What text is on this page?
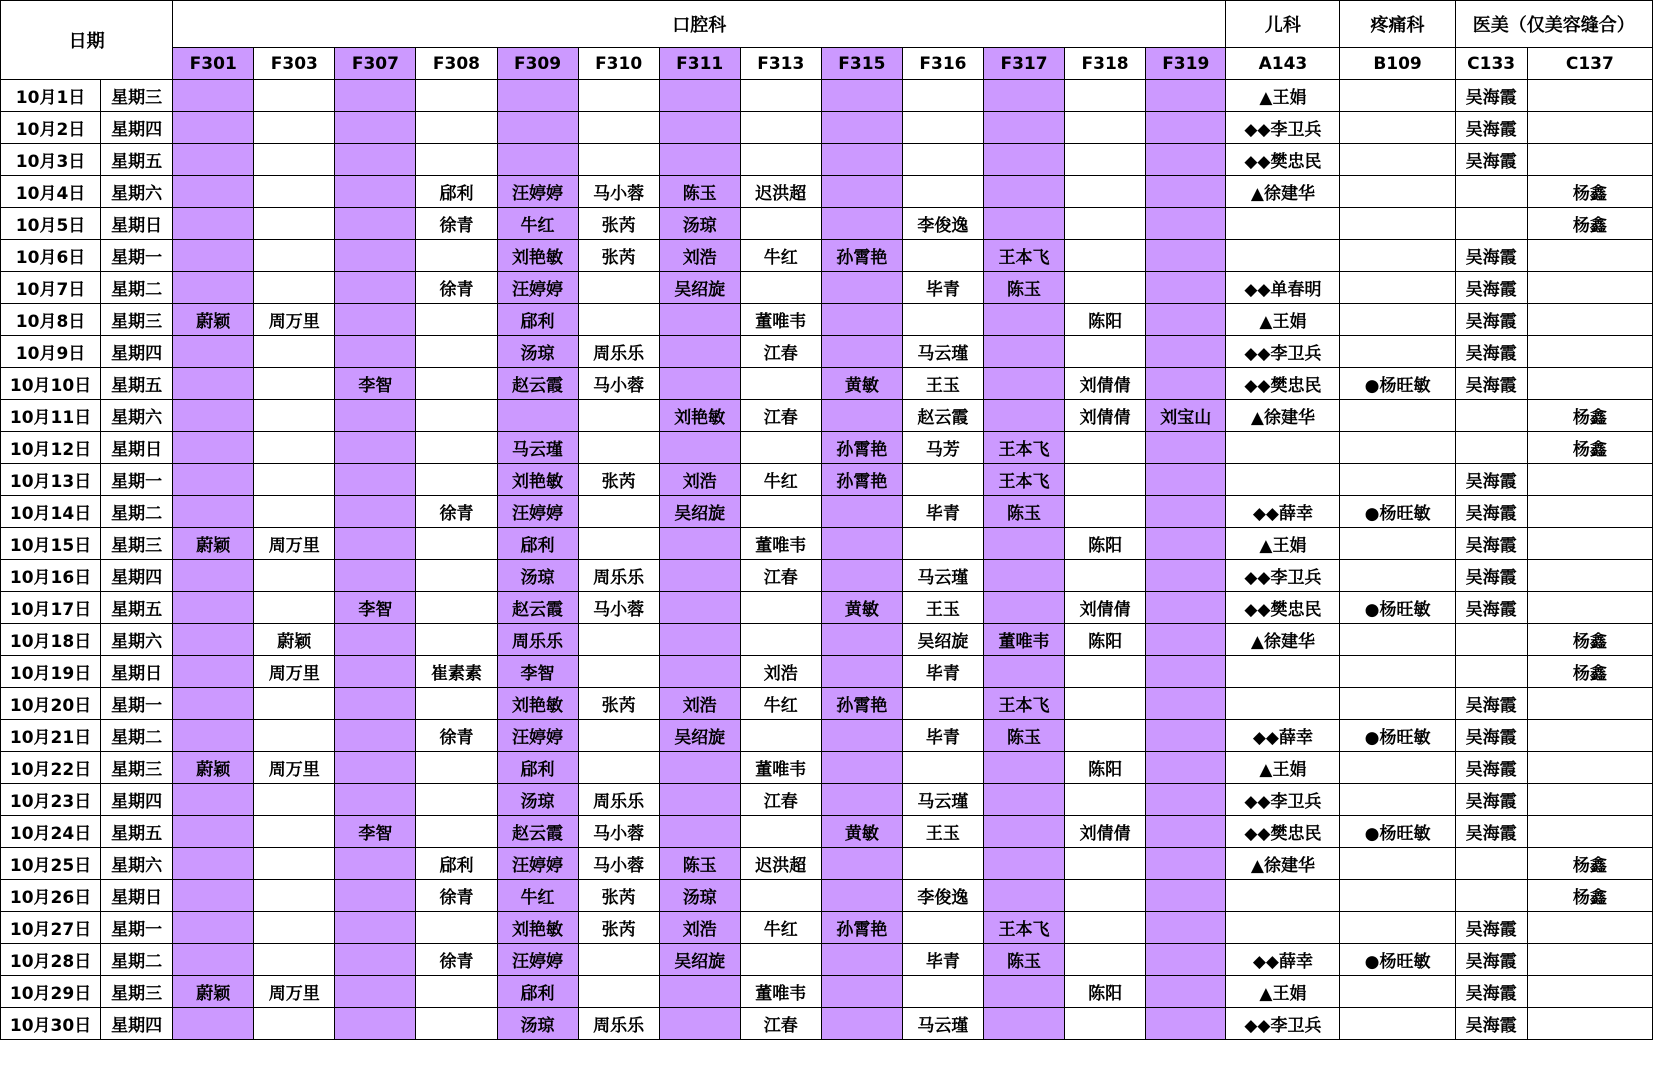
日期		口腔科													儿科	疼痛科	医美（仅美容缝合）	
		F301	F303	F307	F308	F309	F310	F311	F313	F315	F316	F317	F318	F319	A143	B109	C133	C137
10月1日	星期三														▲王娟		吴海霞	
10月2日	星期四														◆◆李卫兵		吴海霞	
10月3日	星期五														◆◆樊忠民		吴海霞	
10月4日	星期六				郈利	汪婷婷	马小蓉	陈玉	迟洪超						▲徐建华			杨鑫
10月5日	星期日				徐青	牛红	张芮	汤琼			李俊逸							杨鑫
10月6日	星期一					刘艳敏	张芮	刘浩	牛红	孙霄艳		王本飞					吴海霞	
10月7日	星期二				徐青	汪婷婷		吴绍旋			毕青	陈玉			◆◆单春明		吴海霞	
10月8日	星期三	蔚颖	周万里			郈利			董唯韦				陈阳		▲王娟		吴海霞	
10月9日	星期四					汤琼	周乐乐		江春		马云瑾				◆◆李卫兵		吴海霞	
10月10日	星期五			李智		赵云霞	马小蓉			黄敏	王玉		刘倩倩		◆◆樊忠民	●杨旺敏	吴海霞	
10月11日	星期六							刘艳敏	江春		赵云霞		刘倩倩	刘宝山	▲徐建华			杨鑫
10月12日	星期日					马云瑾				孙霄艳	马芳	王本飞						杨鑫
10月13日	星期一					刘艳敏	张芮	刘浩	牛红	孙霄艳		王本飞					吴海霞	
10月14日	星期二				徐青	汪婷婷		吴绍旋			毕青	陈玉			◆◆薛幸	●杨旺敏	吴海霞	
10月15日	星期三	蔚颖	周万里			郈利			董唯韦				陈阳		▲王娟		吴海霞	
10月16日	星期四					汤琼	周乐乐		江春		马云瑾				◆◆李卫兵		吴海霞	
10月17日	星期五			李智		赵云霞	马小蓉			黄敏	王玉		刘倩倩		◆◆樊忠民	●杨旺敏	吴海霞	
10月18日	星期六		蔚颖			周乐乐					吴绍旋	董唯韦	陈阳		▲徐建华			杨鑫
10月19日	星期日		周万里		崔素素	李智			刘浩		毕青							杨鑫
10月20日	星期一					刘艳敏	张芮	刘浩	牛红	孙霄艳		王本飞					吴海霞	
10月21日	星期二				徐青	汪婷婷		吴绍旋			毕青	陈玉			◆◆薛幸	●杨旺敏	吴海霞	
10月22日	星期三	蔚颖	周万里			郈利			董唯韦				陈阳		▲王娟		吴海霞	
10月23日	星期四					汤琼	周乐乐		江春		马云瑾				◆◆李卫兵		吴海霞	
10月24日	星期五			李智		赵云霞	马小蓉			黄敏	王玉		刘倩倩		◆◆樊忠民	●杨旺敏	吴海霞	
10月25日	星期六				郈利	汪婷婷	马小蓉	陈玉	迟洪超						▲徐建华			杨鑫
10月26日	星期日				徐青	牛红	张芮	汤琼			李俊逸							杨鑫
10月27日	星期一					刘艳敏	张芮	刘浩	牛红	孙霄艳		王本飞					吴海霞	
10月28日	星期二				徐青	汪婷婷		吴绍旋			毕青	陈玉			◆◆薛幸	●杨旺敏	吴海霞	
10月29日	星期三	蔚颖	周万里			郈利			董唯韦				陈阳		▲王娟		吴海霞	
10月30日	星期四					汤琼	周乐乐		江春		马云瑾				◆◆李卫兵		吴海霞	
